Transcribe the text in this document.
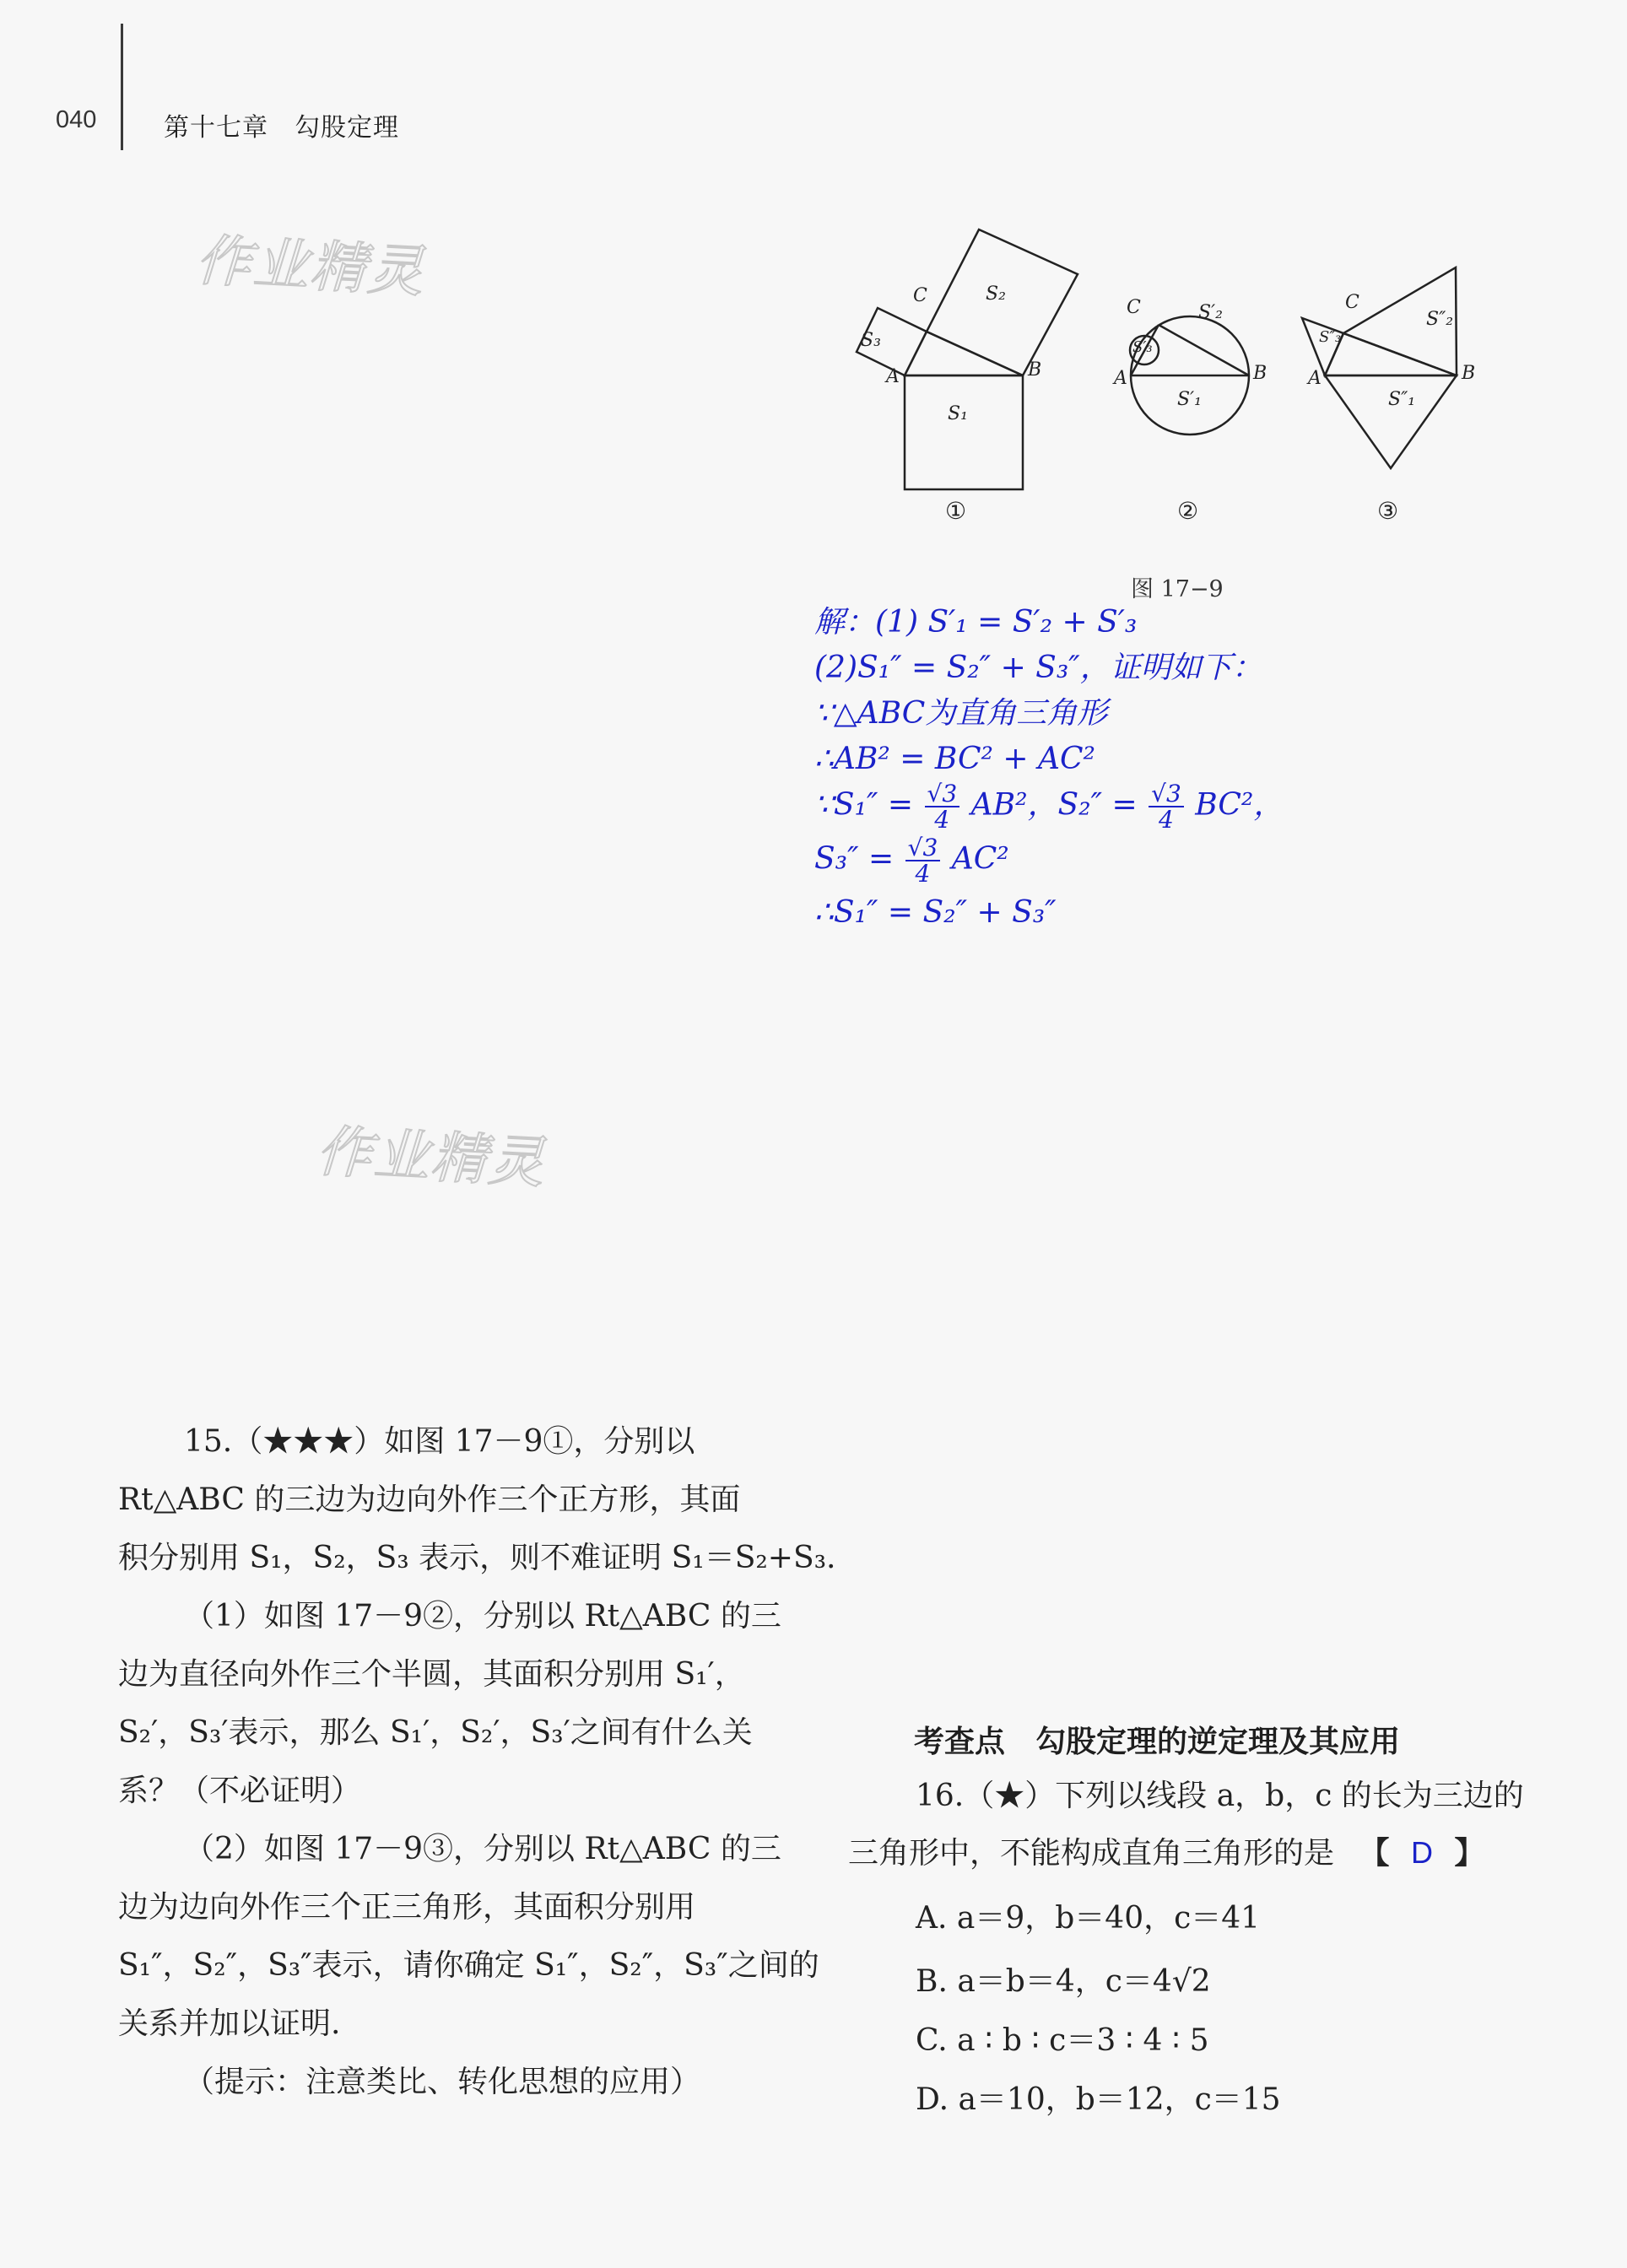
040	第十七章　勾股定理
作业精灵
作业精灵
A	B
C
S₁
S₂
S₃
A	B
C
S′₁
S′₂
S′₃
A	B
C
S″₁
S″₂
S″₃
①	②	③
图 17−9
解：(1) S′₁ = S′₂ + S′₃
(2)S₁″ = S₂″ + S₃″，证明如下：
∵△ABC为直角三角形
∴AB² = BC² + AC²
∵S₁″ = $\frac{√3}{4} AB^2$，$S_2'' = \frac{√3}{4} BC^2$，
$S_3'' = \frac{√3}{4} AC^2$
∴S₁″ = S₂″ + S₃″
15.（★★★）如图 17－9①，分别以
Rt△ABC 的三边为边向外作三个正方形，其面
积分别用 S₁，S₂，S₃ 表示，则不难证明 S₁＝S₂+S₃.
（1）如图 17－9②，分别以 Rt△ABC 的三
边为直径向外作三个半圆，其面积分别用 S₁′，
S₂′，S₃′表示，那么 S₁′，S₂′，S₃′之间有什么关
系？（不必证明）
（2）如图 17－9③，分别以 Rt△ABC 的三
边为边向外作三个正三角形，其面积分别用
S₁″，S₂″，S₃″表示，请你确定 S₁″，S₂″，S₃″之间的
关系并加以证明.
（提示：注意类比、转化思想的应用）
考查点　勾股定理的逆定理及其应用
16.（★）下列以线段 a，b，c 的长为三边的
三角形中，不能构成直角三角形的是 【 D 】
A. a＝9，b＝40，c＝41
B. a＝b＝4，c＝4√2
C. a ∶ b ∶ c＝3 ∶ 4 ∶ 5
D. a＝10，b＝12，c＝15
